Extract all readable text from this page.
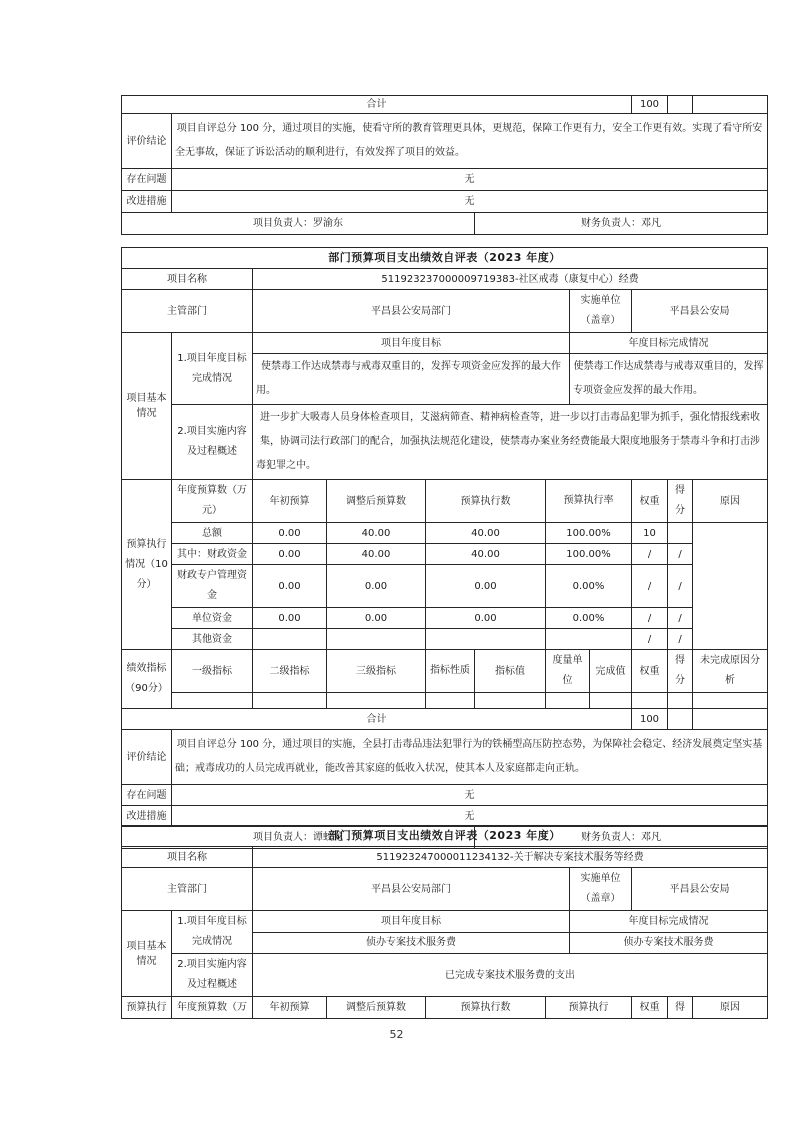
合计			100		
评价结论	项目自评总分 100 分，通过项目的实施，使看守所的教育管理更具体，更规范，保障工作更有力，安全工作更有效。实现了看守所安全无事故，保证了诉讼活动的顺利进行，有效发挥了项目的效益。				
存在问题	无				
改进措施	无				
项目负责人：罗渝东		财务负责人：邓凡			
部门预算项目支出绩效自评表（2023 年度）											
项目名称		511923237000009719383-社区戒毒（康复中心）经费									
主管部门		平昌县公安局部门					实施单位（盖章）		平昌县公安局		
项目基本情况	1.项目年度目标完成情况	项目年度目标					年度目标完成情况				
		使禁毒工作达成禁毒与戒毒双重目的，发挥专项资金应发挥的最大作用。					使禁毒工作达成禁毒与戒毒双重目的，发挥专项资金应发挥的最大作用。				
	2.项目实施内容及过程概述	进一步扩大吸毒人员身体检查项目，艾滋病筛查、精神病检查等，进一步以打击毒品犯罪为抓手，强化情报线索收集，协调司法行政部门的配合，加强执法规范化建设，使禁毒办案业务经费能最大限度地服务于禁毒斗争和打击涉毒犯罪之中。									
预算执行情况（10分）	年度预算数（万元）	年初预算	调整后预算数	预算执行数		预算执行率			权重	得分	原因
	总额	0.00	40.00	40.00		100.00%			10		
	其中：财政资金	0.00	40.00	40.00		100.00%			/	/	
	财政专户管理资金	0.00	0.00	0.00		0.00%			/	/	
	单位资金	0.00	0.00	0.00		0.00%			/	/	
	其他资金								/	/	
绩效指标（90分）	一级指标	二级指标	三级指标	指标性质	指标值	度量单位		完成值	权重	得分	未完成原因分析

合计									100		
评价结论	项目自评总分 100 分，通过项目的实施，全县打击毒品违法犯罪行为的铁桶型高压防控态势，为保障社会稳定、经济发展奠定坚实基础；戒毒成功的人员完成再就业，能改善其家庭的低收入状况，使其本人及家庭都走向正轨。										
存在问题	无										
改进措施	无										
项目负责人：谭蛟龙					财务负责人：邓凡						
部门预算项目支出绩效自评表（2023 年度）									
项目名称		511923247000011234132-关于解决专案技术服务等经费							
主管部门		平昌县公安局部门				实施单位（盖章）	平昌县公安局		
项目基本情况	1.项目年度目标完成情况	项目年度目标				年度目标完成情况			
		侦办专案技术服务费				侦办专案技术服务费			
	2.项目实施内容及过程概述	已完成专案技术服务费的支出							
预算执行	年度预算数（万	年初预算	调整后预算数	预算执行数	预算执行		权重	得	原因
52
